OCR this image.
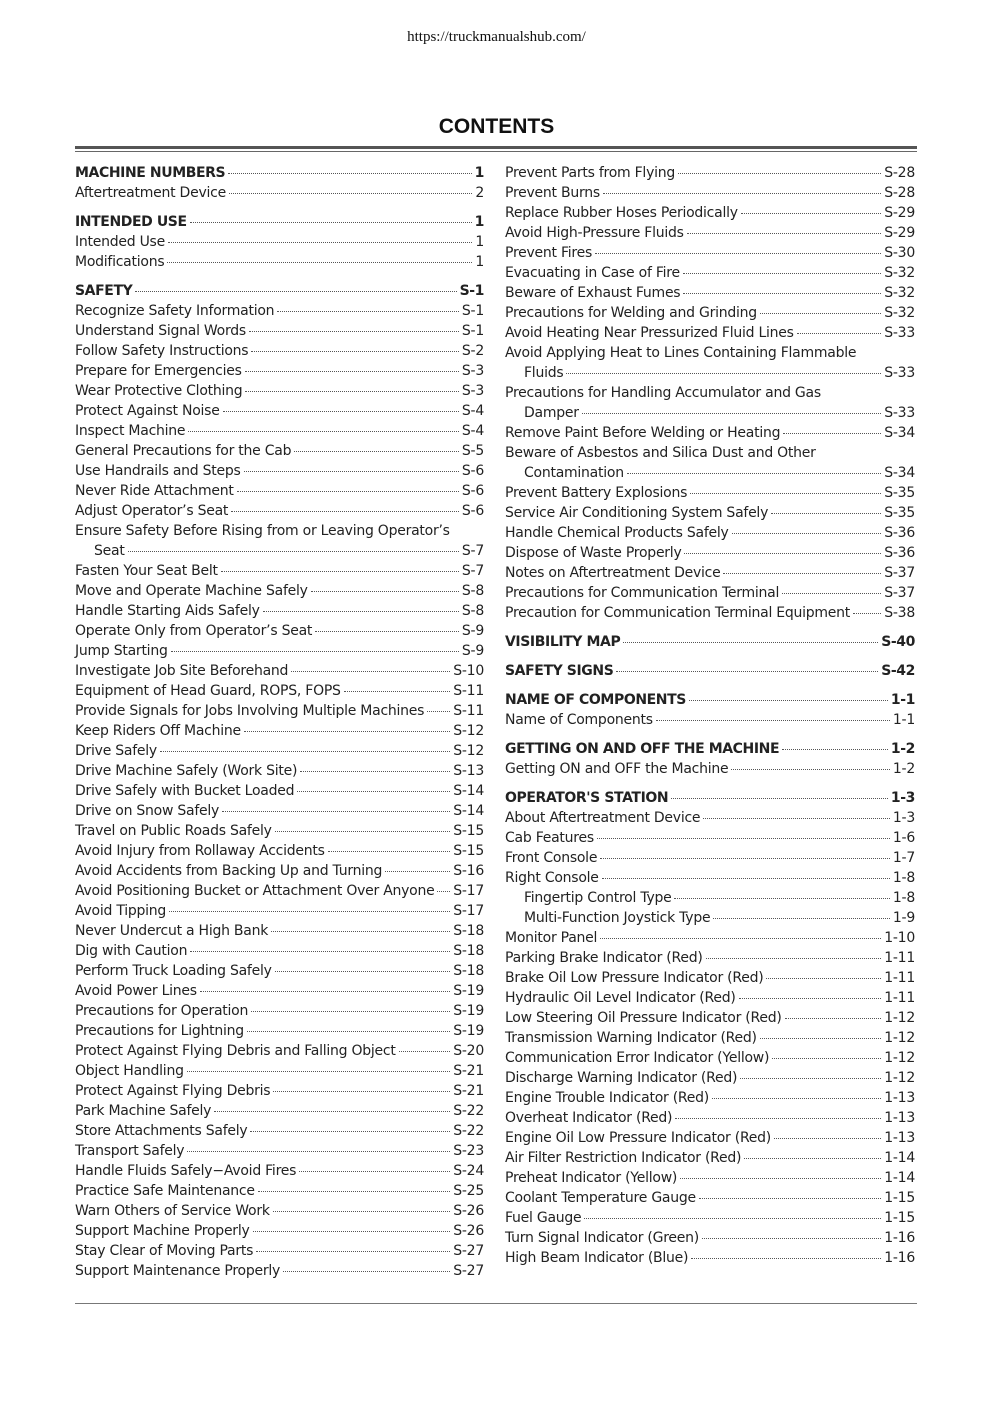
https://truckmanualshub.com/
CONTENTS
MACHINE NUMBERS	1
Aftertreatment Device	2
INTENDED USE	1
Intended Use	1
Modifications	1
SAFETY	S-1
Recognize Safety Information	S-1
Understand Signal Words	S-1
Follow Safety Instructions	S-2
Prepare for Emergencies	S-3
Wear Protective Clothing	S-3
Protect Against Noise	S-4
Inspect Machine	S-4
General Precautions for the Cab	S-5
Use Handrails and Steps	S-6
Never Ride Attachment	S-6
Adjust Operator’s Seat	S-6
Ensure Safety Before Rising from or Leaving Operator’s
Seat	S-7
Fasten Your Seat Belt	S-7
Move and Operate Machine Safely	S-8
Handle Starting Aids Safely	S-8
Operate Only from Operator’s Seat	S-9
Jump Starting	S-9
Investigate Job Site Beforehand	S-10
Equipment of Head Guard, ROPS, FOPS	S-11
Provide Signals for Jobs Involving Multiple Machines S-11
Keep Riders Off Machine	S-12
Drive Safely	S-12
Drive Machine Safely (Work Site)	S-13
Drive Safely with Bucket Loaded	S-14
Drive on Snow Safely	S-14
Travel on Public Roads Safely	S-15
Avoid Injury from Rollaway Accidents	S-15
Avoid Accidents from Backing Up and Turning	S-16
Avoid Positioning Bucket or Attachment Over Anyone S-17
Avoid Tipping	S-17
Never Undercut a High Bank	S-18
Dig with Caution	S-18
Perform Truck Loading Safely	S-18
Avoid Power Lines	S-19
Precautions for Operation	S-19
Precautions for Lightning	S-19
Protect Against Flying Debris and Falling Object	S-20
Object Handling	S-21
Protect Against Flying Debris	S-21
Park Machine Safely	S-22
Store Attachments Safely	S-22
Transport Safely	S-23
Handle Fluids Safely−Avoid Fires	S-24
Practice Safe Maintenance	S-25
Warn Others of Service Work	S-26
Support Machine Properly	S-26
Stay Clear of Moving Parts	S-27
Support Maintenance Properly	S-27
Prevent Parts from Flying	S-28
Prevent Burns	S-28
Replace Rubber Hoses Periodically	S-29
Avoid High-Pressure Fluids	S-29
Prevent Fires	S-30
Evacuating in Case of Fire	S-32
Beware of Exhaust Fumes	S-32
Precautions for Welding and Grinding	S-32
Avoid Heating Near Pressurized Fluid Lines	S-33
Avoid Applying Heat to Lines Containing Flammable
Fluids	S-33
Precautions for Handling Accumulator and Gas
Damper	S-33
Remove Paint Before Welding or Heating	S-34
Beware of Asbestos and Silica Dust and Other
Contamination	S-34
Prevent Battery Explosions	S-35
Service Air Conditioning System Safely	S-35
Handle Chemical Products Safely	S-36
Dispose of Waste Properly	S-36
Notes on Aftertreatment Device	S-37
Precautions for Communication Terminal	S-37
Precaution for Communication Terminal Equipment S-38
VISIBILITY MAP	S-40
SAFETY SIGNS	S-42
NAME OF COMPONENTS	1-1
Name of Components	1-1
GETTING ON AND OFF THE MACHINE	1-2
Getting ON and OFF the Machine	1-2
OPERATOR'S STATION	1-3
About Aftertreatment Device	1-3
Cab Features	1-6
Front Console	1-7
Right Console	1-8
Fingertip Control Type	1-8
Multi-Function Joystick Type	1-9
Monitor Panel	1-10
Parking Brake Indicator (Red)	1-11
Brake Oil Low Pressure Indicator (Red)	1-11
Hydraulic Oil Level Indicator (Red)	1-11
Low Steering Oil Pressure Indicator (Red)	1-12
Transmission Warning Indicator (Red)	1-12
Communication Error Indicator (Yellow)	1-12
Discharge Warning Indicator (Red)	1-12
Engine Trouble Indicator (Red)	1-13
Overheat Indicator (Red)	1-13
Engine Oil Low Pressure Indicator (Red)	1-13
Air Filter Restriction Indicator (Red)	1-14
Preheat Indicator (Yellow)	1-14
Coolant Temperature Gauge	1-15
Fuel Gauge	1-15
Turn Signal Indicator (Green)	1-16
High Beam Indicator (Blue)	1-16
